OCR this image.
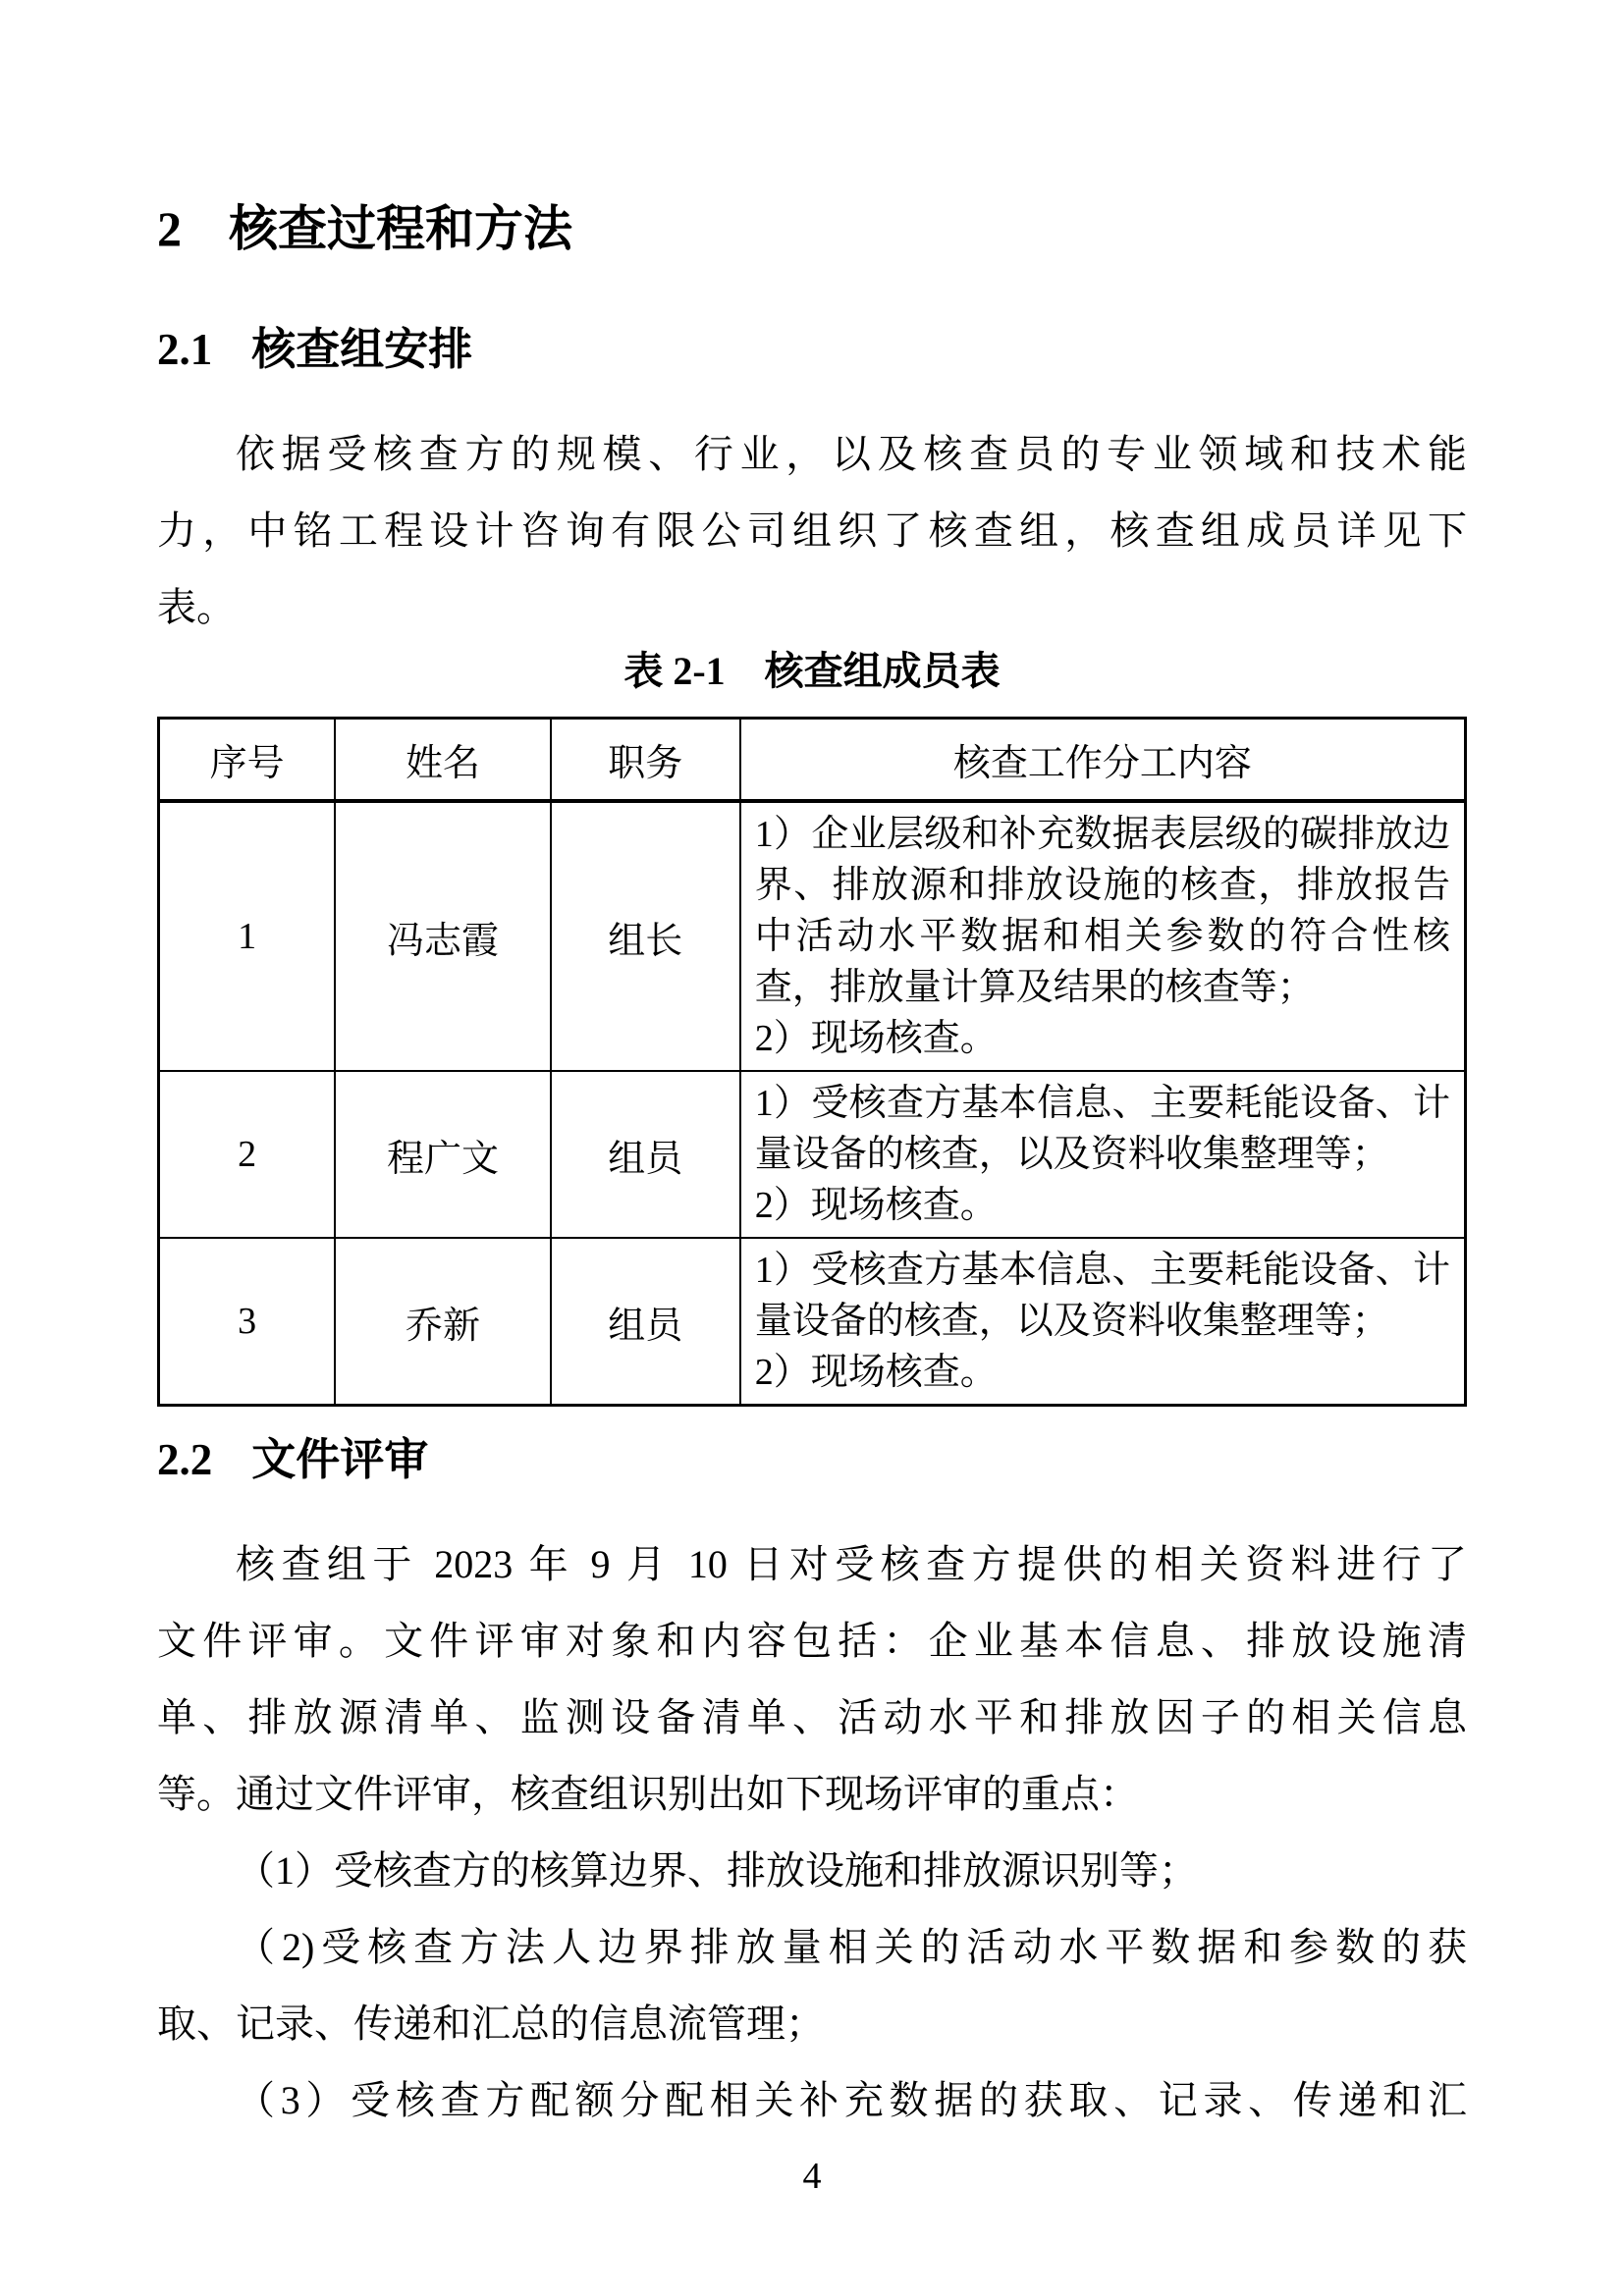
2 核查过程和方法
2.1 核查组安排
依据受核查方的规模、行业，以及核查员的专业领域和技术能
力，中铭工程设计咨询有限公司组织了核查组，核查组成员详见下
表。
表 2-1　核查组成员表
序号	姓名	职务	核查工作分工内容
1	冯志霞	组长	1）企业层级和补充数据表层级的碳排放边界、排放源和排放设施的核查，排放报告中活动水平数据和相关参数的符合性核查，排放量计算及结果的核查等；
2）现场核查。

2	程广文	组员	1）受核查方基本信息、主要耗能设备、计量设备的核查，以及资料收集整理等；
2）现场核查。

3	乔新	组员	1）受核查方基本信息、主要耗能设备、计量设备的核查，以及资料收集整理等；
2）现场核查。
2.2 文件评审
核查组于 2023 年 9 月 10 日对受核查方提供的相关资料进行了
文件评审。文件评审对象和内容包括：企业基本信息、排放设施清
单、排放源清单、监测设备清单、活动水平和排放因子的相关信息
等。通过文件评审，核查组识别出如下现场评审的重点：
（1）受核查方的核算边界、排放设施和排放源识别等；
（2)受核查方法人边界排放量相关的活动水平数据和参数的获
取、记录、传递和汇总的信息流管理；
（3）受核查方配额分配相关补充数据的获取、记录、传递和汇
4
